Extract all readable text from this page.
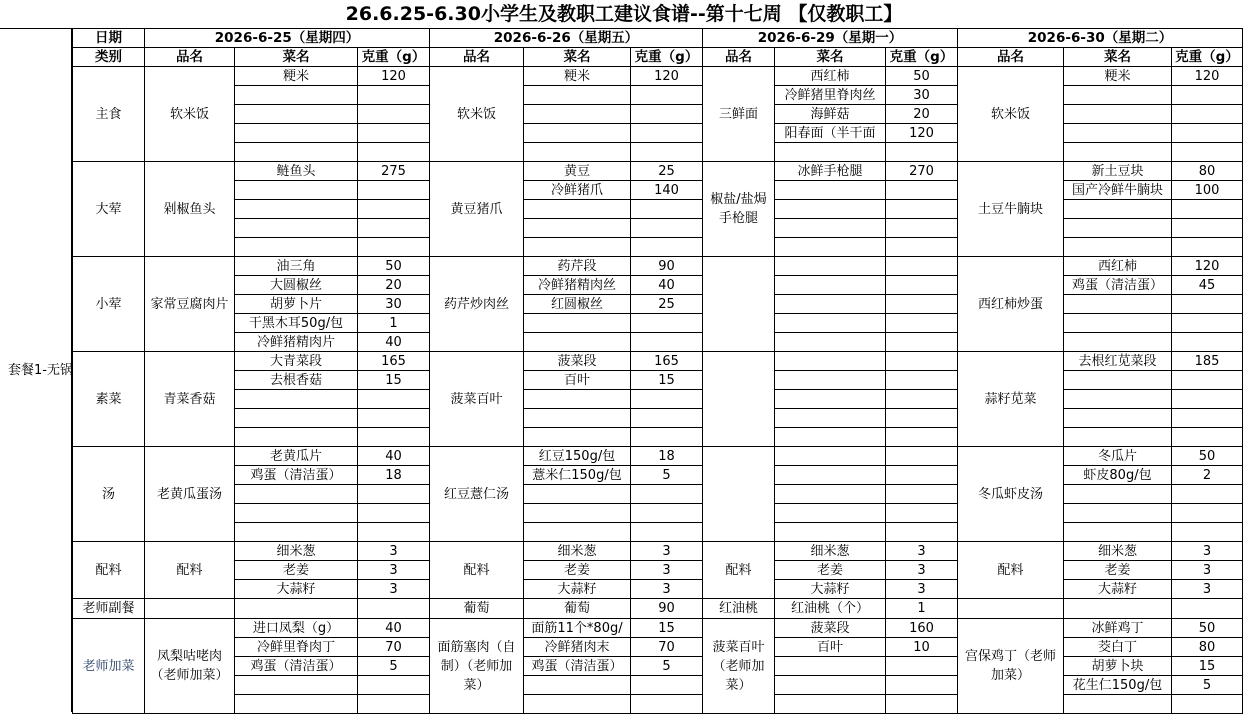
26.6.25-6.30小学生及教职工建议食谱--第十七周 【仅教职工】
套餐1-无锅
日期	2026-6-25（星期四）			2026-6-26（星期五）			2026-6-29（星期一）			2026-6-30（星期二）		
类别	品名	菜名	克重（g）	品名	菜名	克重（g）	品名	菜名	克重（g）	品名	菜名	克重（g）
主食	软米饭	粳米	120	软米饭	粳米	120	三鲜面	西红柿	50	软米饭	粳米	120
								冷鲜猪里脊肉丝	30			
								海鲜菇	20			
								阳春面（半干面	120			

大荤	剁椒鱼头	鲢鱼头	275	黄豆猪爪	黄豆	25	椒盐/盐焗手枪腿	冰鲜手枪腿	270	土豆牛腩块	新土豆块	80
					冷鲜猪爪	140					国产冷鲜牛腩块	100

小荤	家常豆腐肉片	油三角	50	药芹炒肉丝	药芹段	90				西红柿炒蛋	西红柿	120
		大圆椒丝	20		冷鲜猪精肉丝	40					鸡蛋（清洁蛋）	45
		胡萝卜片	30		红圆椒丝	25						
		干黑木耳50g/包	1									
		冷鲜猪精肉片	40									
素菜	青菜香菇	大青菜段	165	菠菜百叶	菠菜段	165				蒜籽苋菜	去根红苋菜段	185
		去根香菇	15		百叶	15						

汤	老黄瓜蛋汤	老黄瓜片	40	红豆薏仁汤	红豆150g/包	18				冬瓜虾皮汤	冬瓜片	50
		鸡蛋（清洁蛋）	18		薏米仁150g/包	5					虾皮80g/包	2

配料	配料	细米葱	3	配料	细米葱	3	配料	细米葱	3	配料	细米葱	3
		老姜	3		老姜	3		老姜	3		老姜	3
		大蒜籽	3		大蒜籽	3		大蒜籽	3		大蒜籽	3
老师副餐				葡萄	葡萄	90	红油桃	红油桃（个）	1			
老师加菜	凤梨咕咾肉（老师加菜）	进口凤梨（g）	40	面筋塞肉（自制）（老师加菜）	面筋11个*80g/	15	菠菜百叶（老师加菜）	菠菜段	160	宫保鸡丁（老师加菜）	冰鲜鸡丁	50
		冷鲜里脊肉丁	70		冷鲜猪肉末	70		百叶	10		茭白丁	80
		鸡蛋（清洁蛋）	5		鸡蛋（清洁蛋）	5					胡萝卜块	15
											花生仁150g/包	5
